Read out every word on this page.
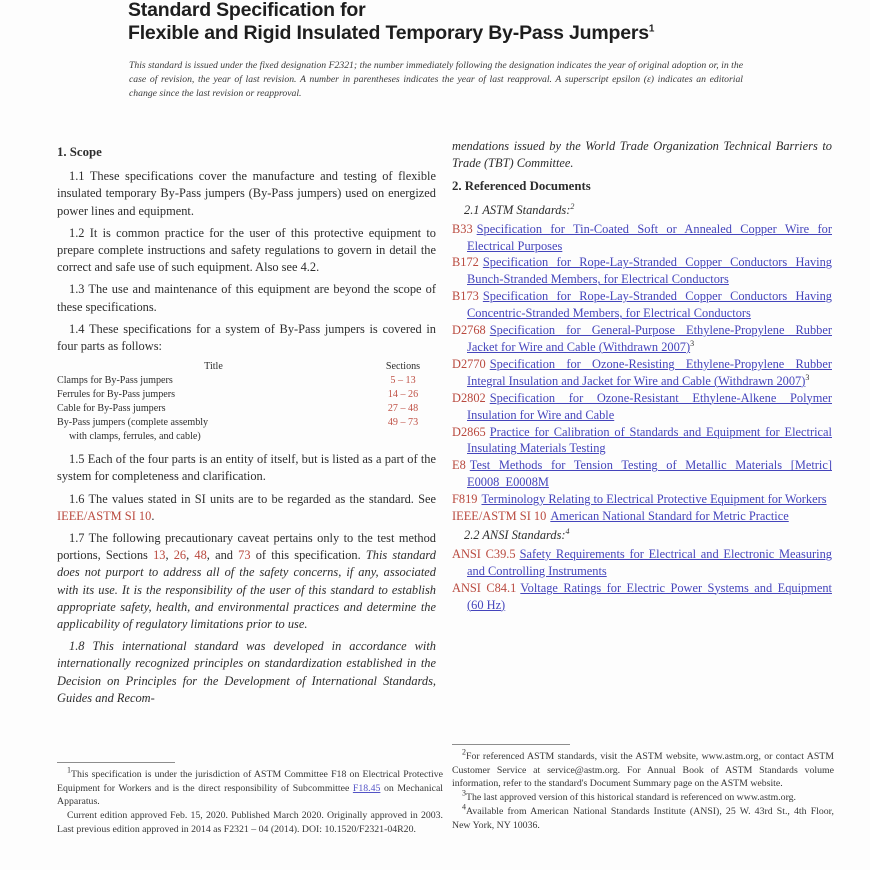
Standard Specification for
Flexible and Rigid Insulated Temporary By-Pass Jumpers$^1$
This standard is issued under the fixed designation F2321; the number immediately following the designation indicates the year of original adoption or, in the case of revision, the year of last revision. A number in parentheses indicates the year of last reapproval. A superscript epsilon (ε) indicates an editorial change since the last revision or reapproval.
1. Scope

1.1 These specifications cover the manufacture and testing of flexible insulated temporary By-Pass jumpers (By-Pass jumpers) used on energized power lines and equipment.

1.2 It is common practice for the user of this protective equipment to prepare complete instructions and safety regulations to govern in detail the correct and safe use of such equipment. Also see 4.2.

1.3 The use and maintenance of this equipment are beyond the scope of these specifications.

1.4 These specifications for a system of By-Pass jumpers is covered in four parts as follows:

Title	Sections
Clamps for By-Pass jumpers	5 – 13
Ferrules for By-Pass jumpers	14 – 26
Cable for By-Pass jumpers	27 – 48
By-Pass jumpers (complete assembly	49 – 73
with clamps, ferrules, and cable)

1.5 Each of the four parts is an entity of itself, but is listed as a part of the system for completeness and clarification.

1.6 The values stated in SI units are to be regarded as the standard. See IEEE/ASTM SI 10.

1.7 The following precautionary caveat pertains only to the test method portions, Sections 13, 26, 48, and 73 of this specification. This standard does not purport to address all of the safety concerns, if any, associated with its use. It is the responsibility of the user of this standard to establish appropriate safety, health, and environmental practices and determine the applicability of regulatory limitations prior to use.

1.8 This international standard was developed in accordance with internationally recognized principles on standardization established in the Decision on Principles for the Development of International Standards, Guides and Recom-

mendations issued by the World Trade Organization Technical Barriers to Trade (TBT) Committee.

2. Referenced Documents

2.1 ASTM Standards:$^2$

B33 Specification for Tin-Coated Soft or Annealed Copper Wire for Electrical Purposes

B172 Specification for Rope-Lay-Stranded Copper Conductors Having Bunch-Stranded Members, for Electrical Conductors

B173 Specification for Rope-Lay-Stranded Copper Conductors Having Concentric-Stranded Members, for Electrical Conductors

D2768 Specification for General-Purpose Ethylene-Propylene Rubber Jacket for Wire and Cable (Withdrawn 2007)$^3$

D2770 Specification for Ozone-Resisting Ethylene-Propylene Rubber Integral Insulation and Jacket for Wire and Cable (Withdrawn 2007)$^3$

D2802 Specification for Ozone-Resistant Ethylene-Alkene Polymer Insulation for Wire and Cable

D2865 Practice for Calibration of Standards and Equipment for Electrical Insulating Materials Testing

E8 Test Methods for Tension Testing of Metallic Materials [Metric] E0008_E0008M

F819 Terminology Relating to Electrical Protective Equipment for Workers

IEEE/ASTM SI 10 American National Standard for Metric Practice

2.2 ANSI Standards:$^4$

ANSI C39.5 Safety Requirements for Electrical and Electronic Measuring and Controlling Instruments

ANSI C84.1 Voltage Ratings for Electric Power Systems and Equipment (60 Hz)

$^1$This specification is under the jurisdiction of ASTM Committee F18 on Electrical Protective Equipment for Workers and is the direct responsibility of Subcommittee F18.45 on Mechanical Apparatus.

Current edition approved Feb. 15, 2020. Published March 2020. Originally approved in 2003. Last previous edition approved in 2014 as F2321 – 04 (2014). DOI: 10.1520/F2321-04R20.

$^2$For referenced ASTM standards, visit the ASTM website, www.astm.org, or contact ASTM Customer Service at service@astm.org. For Annual Book of ASTM Standards volume information, refer to the standard's Document Summary page on the ASTM website.

$^3$The last approved version of this historical standard is referenced on www.astm.org.

$^4$Available from American National Standards Institute (ANSI), 25 W. 43rd St., 4th Floor, New York, NY 10036.
